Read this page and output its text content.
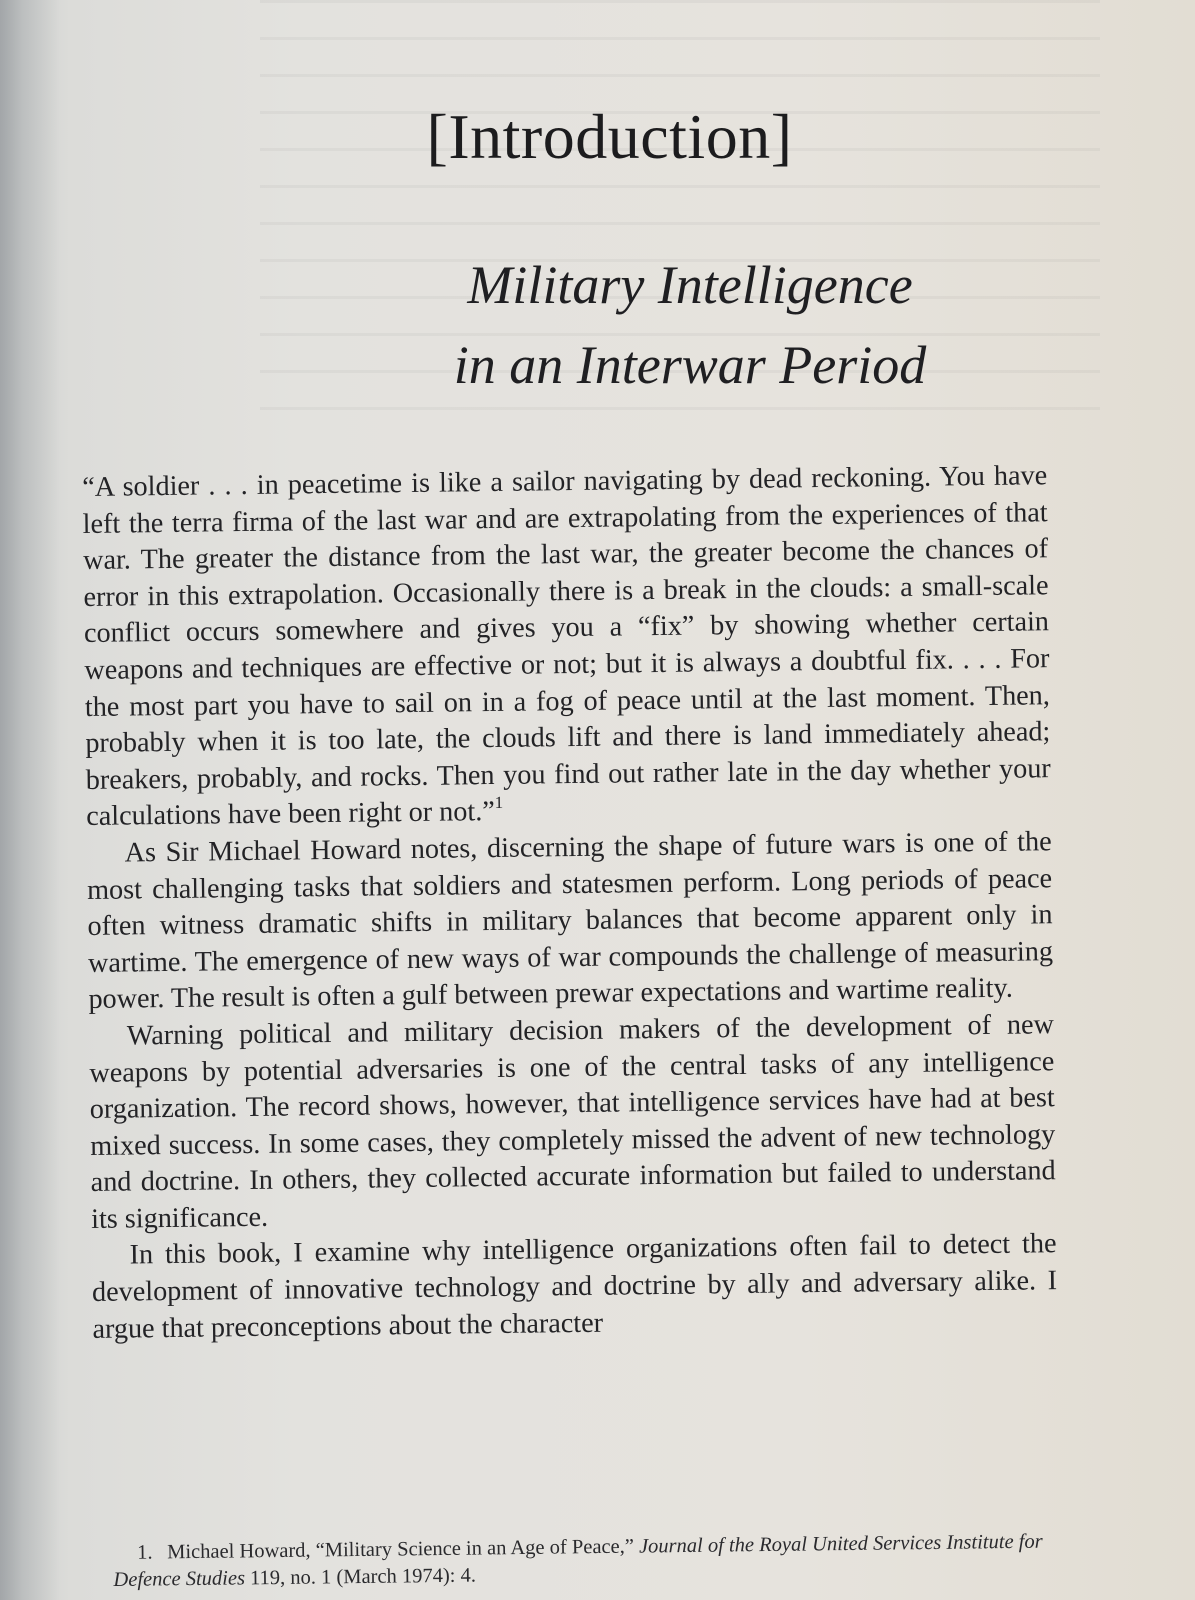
[Introduction]
Military Intelligence
in an Interwar Period

“A soldier . . . in peacetime is like a sailor navigating by dead reckoning. You have left the terra firma of the last war and are extrapolating from the experiences of that war. The greater the distance from the last war, the greater become the chances of error in this extrapolation. Occasionally there is a break in the clouds: a small-scale conflict occurs somewhere and gives you a “fix” by showing whether certain weapons and techniques are effective or not; but it is always a doubtful fix. . . . For the most part you have to sail on in a fog of peace until at the last moment. Then, probably when it is too late, the clouds lift and there is land immediately ahead; breakers, probably, and rocks. Then you find out rather late in the day whether your calculations have been right or not.”$^1$

As Sir Michael Howard notes, discerning the shape of future wars is one of the most challenging tasks that soldiers and statesmen perform. Long periods of peace often witness dramatic shifts in military balances that become apparent only in wartime. The emergence of new ways of war compounds the challenge of measuring power. The result is often a gulf between prewar expectations and wartime reality.

Warning political and military decision makers of the development of new weapons by potential adversaries is one of the central tasks of any intelligence organization. The record shows, however, that intelligence services have had at best mixed success. In some cases, they completely missed the advent of new technology and doctrine. In others, they collected accurate information but failed to understand its significance.

In this book, I examine why intelligence organizations often fail to detect the development of innovative technology and doctrine by ally and adversary alike. I argue that preconceptions about the character

1. Michael Howard, “Military Science in an Age of Peace,” Journal of the Royal United Services Institute for Defence Studies 119, no. 1 (March 1974): 4.
